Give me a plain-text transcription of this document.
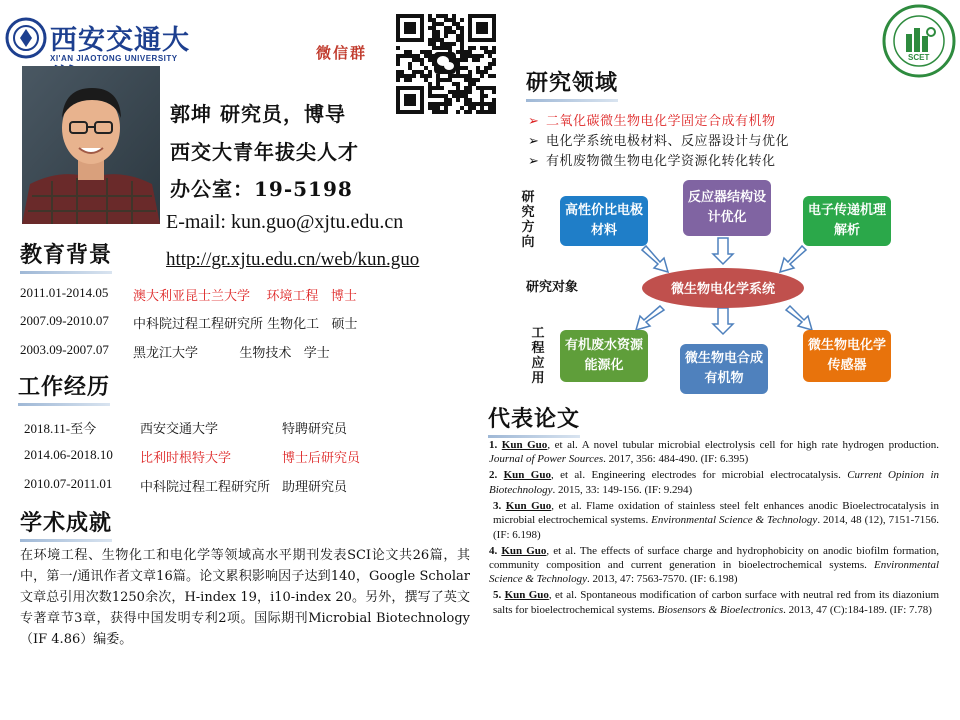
西安交通大
XI'AN JIAOTONG UNIVERSITY	微信群	SCET
郭坤 研究员，博导
西交大青年拔尖人才
办公室：19-5198
E-mail: kun.guo@xjtu.edu.cn
http://gr.xjtu.edu.cn/web/kun.guo
教育背景
2011.01-2014.05 澳大利亚昆士兰大学    环境工程   博士
2007.09-2010.07 中科院过程工程研究所 生物化工   硕士
2003.09-2007.07 黑龙江大学          生物技术   学士
工作经历
2018.11-至今	西安交通大学	特聘研究员
2014.06-2018.10 比利时根特大学	博士后研究员
2010.07-2011.01 中科院过程工程研究所 助理研究员
学术成就
在环境工程、生物化工和电化学等领域高水平期刊发表SCI论文共26篇，其中，第一/通讯作者文章16篇。论文累积影响因子达到140，Google Scholar文章总引用次数1250余次，H-index 19，i10-index 20。另外，撰写了英文专著章节3章，获得中国发明专利2项。国际期刊Microbial Biotechnology（IF 4.86）编委。
研究领域
➢ 二氧化碳微生物电化学固定合成有机物
➢ 电化学系统电极材料、反应器设计与优化
➢ 有机废物微生物电化学资源化转化转化
研究方向
研究对象
工程应用
微生物电化学系统
高性价比电极材料
反应器结构设计优化	电子传递机理解析
有机废水资源能源化	微生物电合成有机物
微生物电化学传感器
代表论文

1. Kun Guo, et al. A novel tubular microbial electrolysis cell for high rate hydrogen production. Journal of Power Sources. 2017, 356: 484-490. (IF: 6.395)

2. Kun Guo, et al. Engineering electrodes for microbial electrocatalysis. Current Opinion in Biotechnology. 2015, 33: 149-156. (IF: 9.294)

3. Kun Guo, et al. Flame oxidation of stainless steel felt enhances anodic Bioelectrocatalysis in microbial electrochemical systems. Environmental Science & Technology. 2014, 48 (12), 7151-7156. (IF: 6.198)

4. Kun Guo, et al. The effects of surface charge and hydrophobicity on anodic biofilm formation, community composition and current generation in bioelectrochemical systems. Environmental Science & Technology. 2013, 47: 7563-7570. (IF: 6.198)

5. Kun Guo, et al. Spontaneous modification of carbon surface with neutral red from its diazonium salts for bioelectrochemical systems. Biosensors & Bioelectronics. 2013, 47 (C):184-189. (IF: 7.78)
